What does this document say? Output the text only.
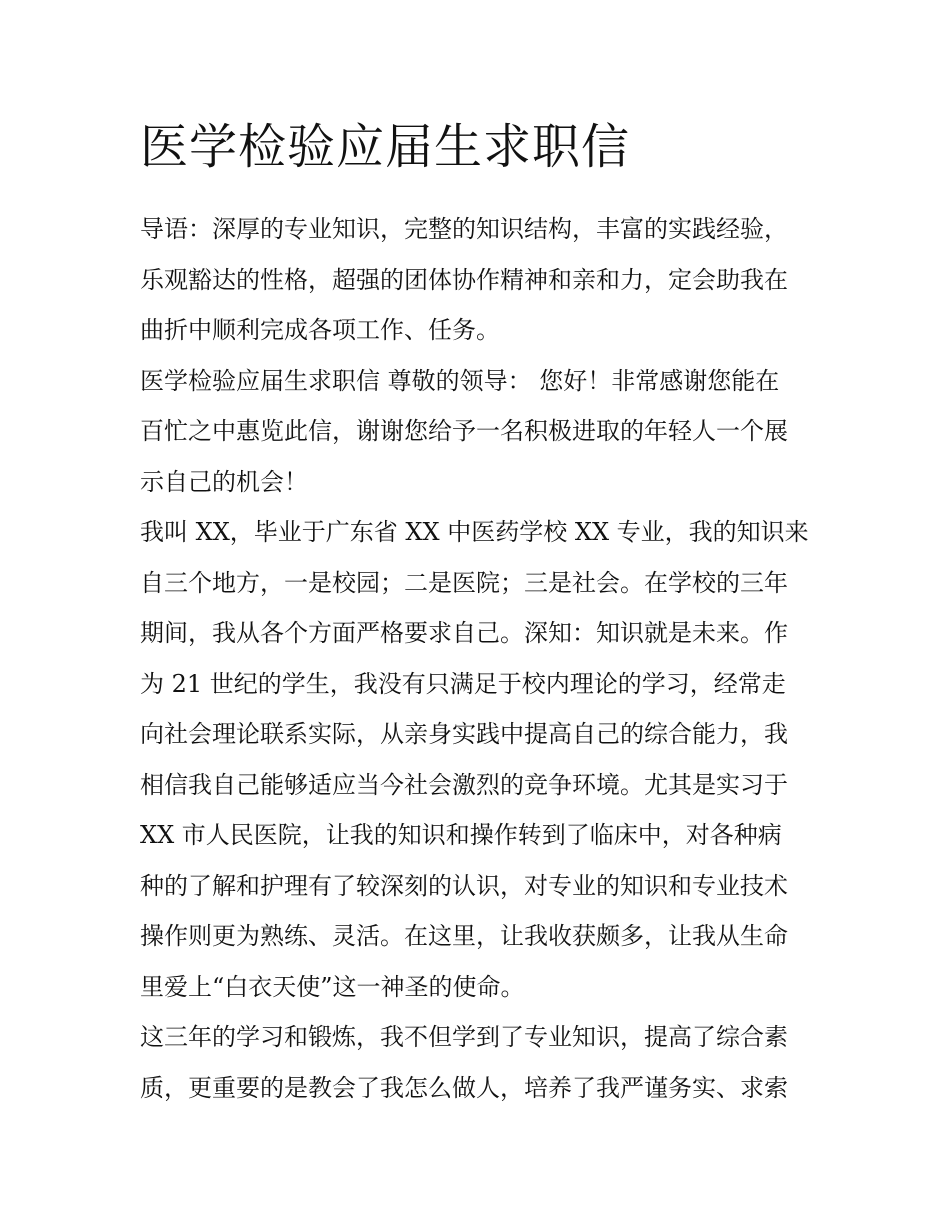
医学检验应届生求职信
导语：深厚的专业知识，完整的知识结构，丰富的实践经验，
乐观豁达的性格，超强的团体协作精神和亲和力，定会助我在
曲折中顺利完成各项工作、任务。
医学检验应届生求职信 尊敬的领导： 您好！非常感谢您能在
百忙之中惠览此信，谢谢您给予一名积极进取的年轻人一个展
示自己的机会！
我叫 XX，毕业于广东省 XX 中医药学校 XX 专业，我的知识来
自三个地方，一是校园；二是医院；三是社会。在学校的三年
期间，我从各个方面严格要求自己。深知：知识就是未来。作
为 21 世纪的学生，我没有只满足于校内理论的学习，经常走
向社会理论联系实际，从亲身实践中提高自己的综合能力，我
相信我自己能够适应当今社会激烈的竞争环境。尤其是实习于
XX 市人民医院，让我的知识和操作转到了临床中，对各种病
种的了解和护理有了较深刻的认识，对专业的知识和专业技术
操作则更为熟练、灵活。在这里，让我收获颇多，让我从生命
里爱上“白衣天使”这一神圣的使命。
这三年的学习和锻炼，我不但学到了专业知识，提高了综合素
质，更重要的是教会了我怎么做人，培养了我严谨务实、求索
